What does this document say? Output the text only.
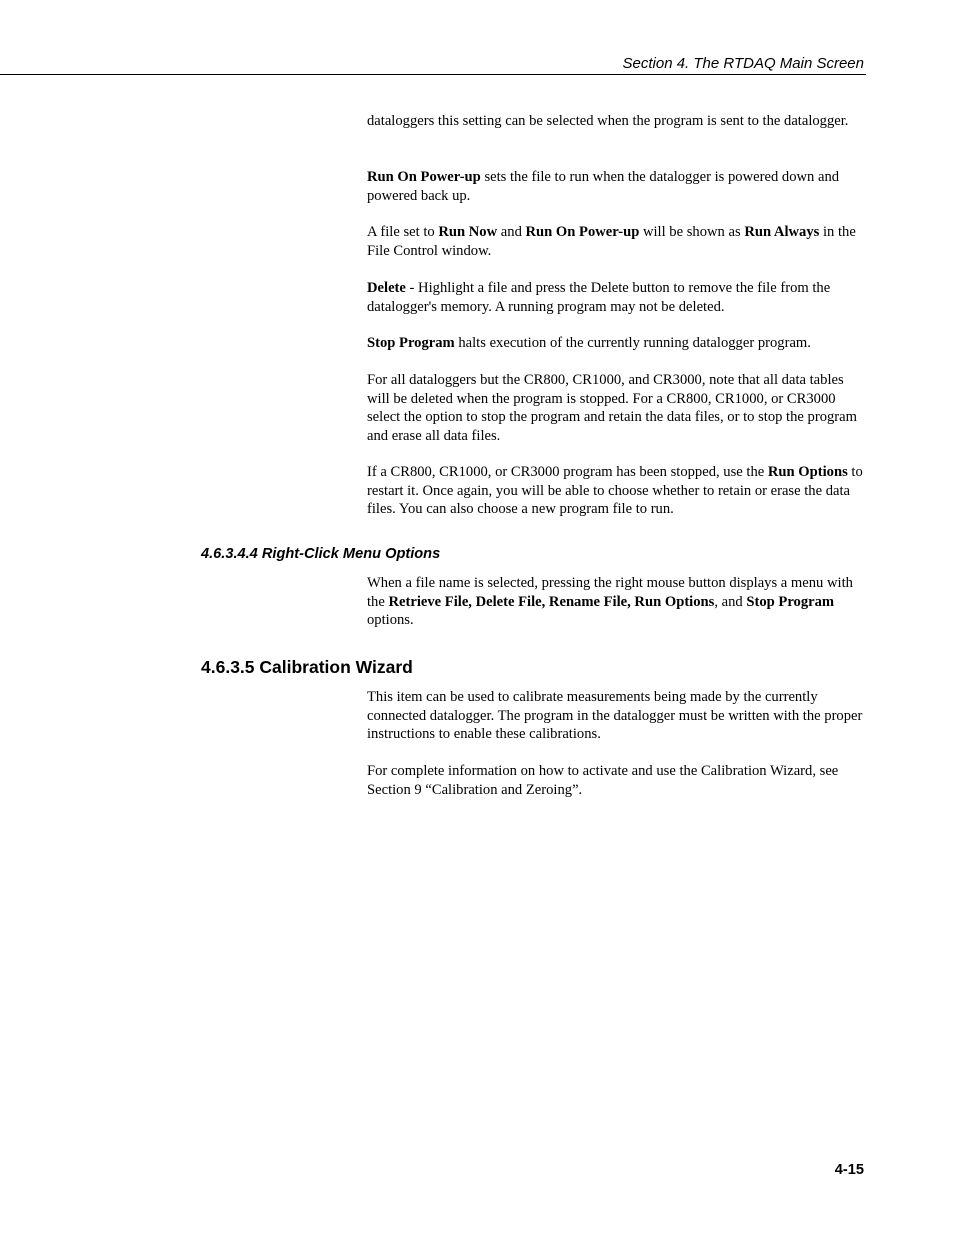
Section 4. The RTDAQ Main Screen

dataloggers this setting can be selected when the program is sent to the datalogger.

Run On Power-up sets the file to run when the datalogger is powered down and powered back up.

A file set to Run Now and Run On Power-up will be shown as Run Always in the File Control window.

Delete - Highlight a file and press the Delete button to remove the file from the datalogger's memory. A running program may not be deleted.

Stop Program halts execution of the currently running datalogger program.

For all dataloggers but the CR800, CR1000, and CR3000, note that all data tables will be deleted when the program is stopped. For a CR800, CR1000, or CR3000 select the option to stop the program and retain the data files, or to stop the program and erase all data files.

If a CR800, CR1000, or CR3000 program has been stopped, use the Run Options to restart it. Once again, you will be able to choose whether to retain or erase the data files. You can also choose a new program file to run.

4.6.3.4.4 Right-Click Menu Options

When a file name is selected, pressing the right mouse button displays a menu with the Retrieve File, Delete File, Rename File, Run Options, and Stop Program options.

4.6.3.5 Calibration Wizard

This item can be used to calibrate measurements being made by the currently connected datalogger. The program in the datalogger must be written with the proper instructions to enable these calibrations.

For complete information on how to activate and use the Calibration Wizard, see Section 9 “Calibration and Zeroing”.

4-15
